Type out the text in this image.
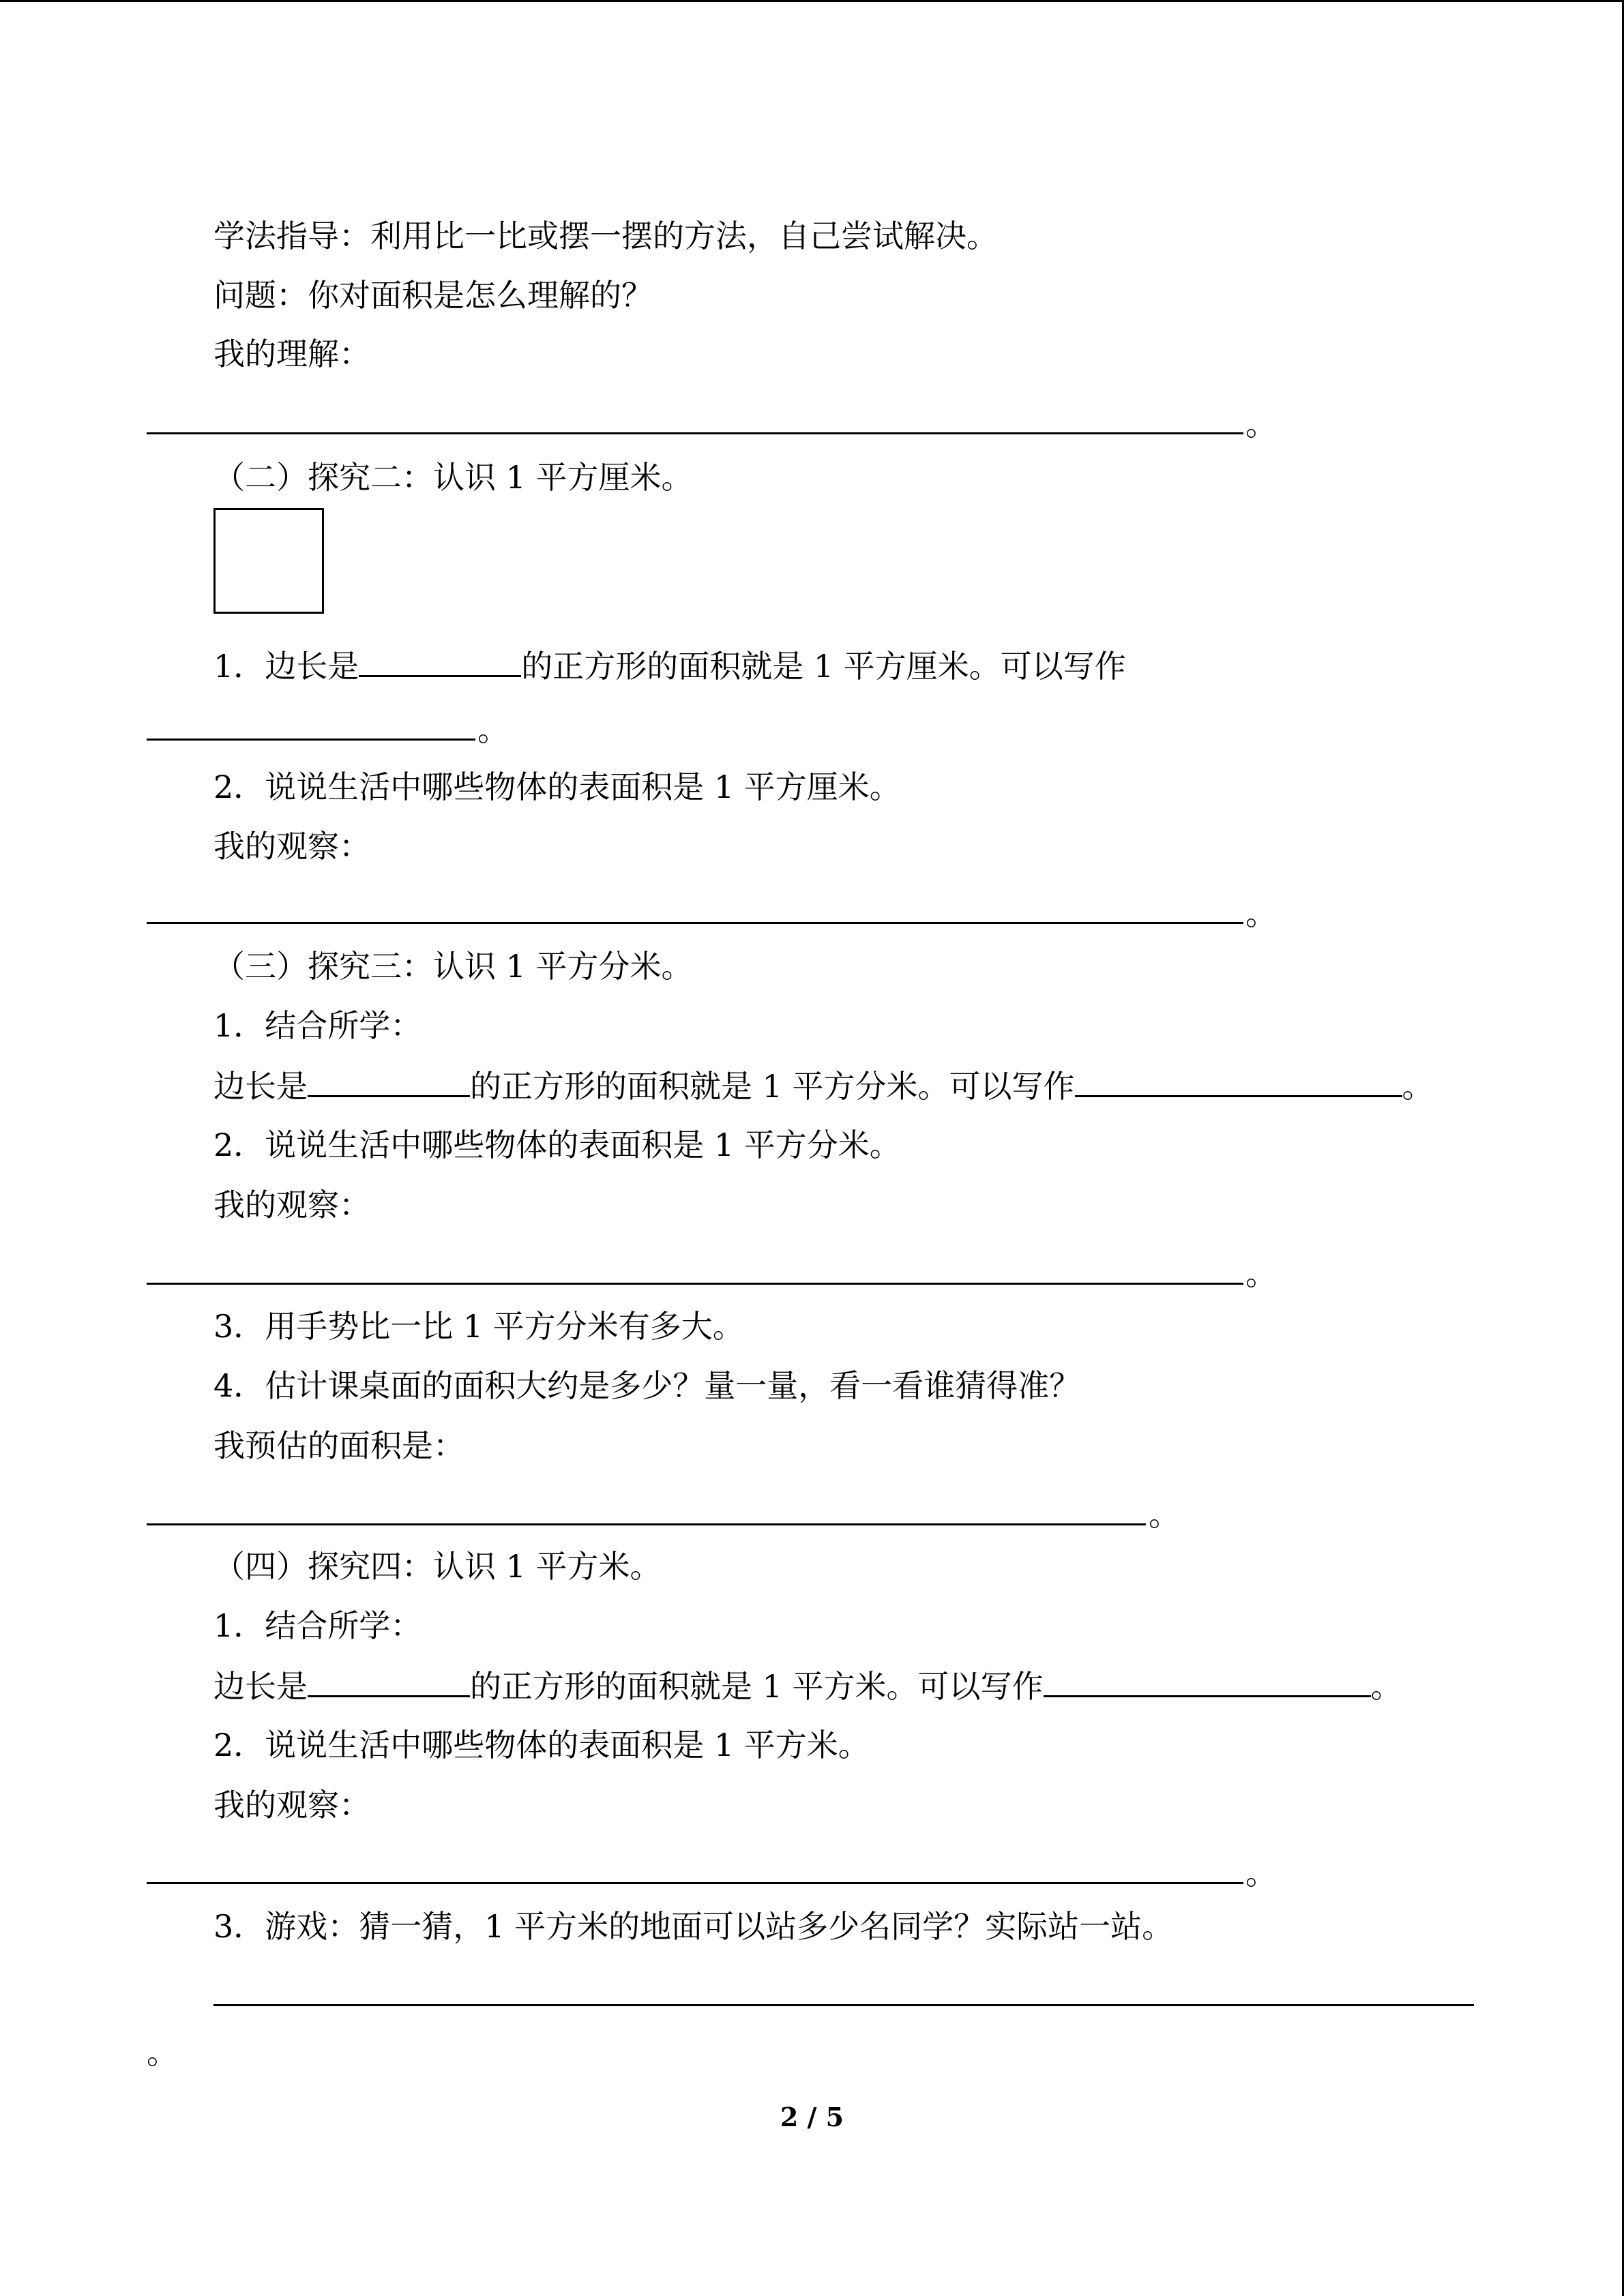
学法指导：利用比一比或摆一摆的方法，自己尝试解决。
问题：你对面积是怎么理解的？
我的理解：
。
（二）探究二：认识 1 平方厘米。
1．边长是	的正方形的面积就是 1 平方厘米。可以写作
。
2．说说生活中哪些物体的表面积是 1 平方厘米。
我的观察：
。
（三）探究三：认识 1 平方分米。
1．结合所学：
边长是	的正方形的面积就是 1 平方分米。可以写作	。
2．说说生活中哪些物体的表面积是 1 平方分米。
我的观察：
。
3．用手势比一比 1 平方分米有多大。
4．估计课桌面的面积大约是多少？量一量，看一看谁猜得准？
我预估的面积是：
。
（四）探究四：认识 1 平方米。
1．结合所学：
边长是	的正方形的面积就是 1 平方米。可以写作	。
2．说说生活中哪些物体的表面积是 1 平方米。
我的观察：
。
3．游戏：猜一猜，1 平方米的地面可以站多少名同学？实际站一站。
。
2 / 5
